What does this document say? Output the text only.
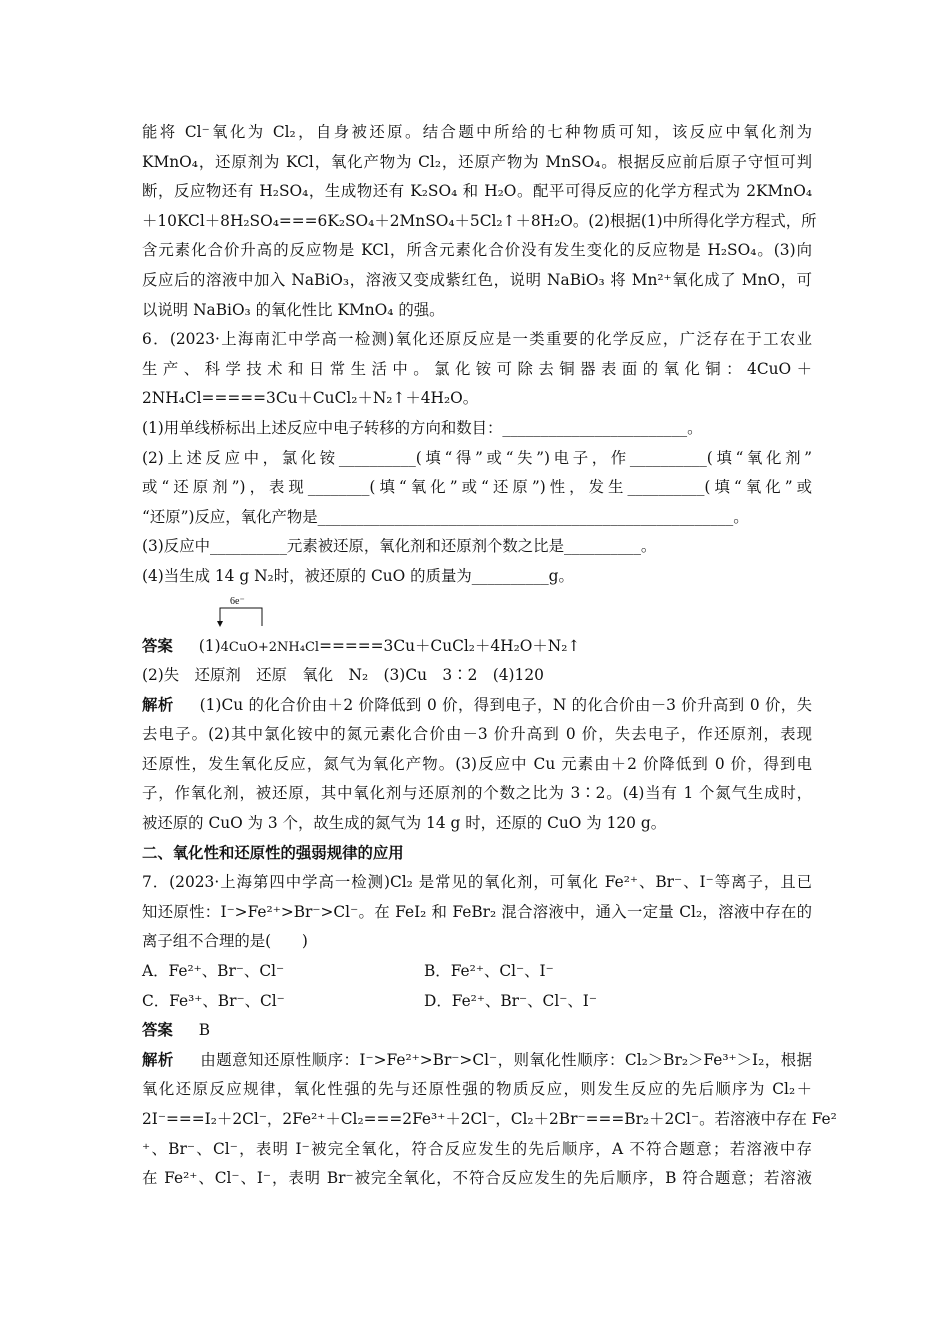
能将 Cl⁻氧化为 Cl₂，自身被还原。结合题中所给的七种物质可知，该反应中氧化剂为
KMnO₄，还原剂为 KCl，氧化产物为 Cl₂，还原产物为 MnSO₄。根据反应前后原子守恒可判
断，反应物还有 H₂SO₄，生成物还有 K₂SO₄ 和 H₂O。配平可得反应的化学方程式为 2KMnO₄
＋10KCl＋8H₂SO₄===6K₂SO₄＋2MnSO₄＋5Cl₂↑＋8H₂O。(2)根据(1)中所得化学方程式，所
含元素化合价升高的反应物是 KCl，所含元素化合价没有发生变化的反应物是 H₂SO₄。(3)向
反应后的溶液中加入 NaBiO₃，溶液又变成紫红色，说明 NaBiO₃ 将 Mn²⁺氧化成了 MnO，可
以说明 NaBiO₃ 的氧化性比 KMnO₄ 的强。
6．(2023·上海南汇中学高一检测)氧化还原反应是一类重要的化学反应，广泛存在于工农业
生产、科学技术和日常生活中。氯化铵可除去铜器表面的氧化铜：4CuO＋
2NH₄Cl=====3Cu＋CuCl₂＋N₂↑＋4H₂O。
(1)用单线桥标出上述反应中电子转移的方向和数目：________________________。
(2)上述反应中，氯化铵__________(填“得”或“失”)电子，作__________(填“氧化剂”
或“还原剂”)，表现________(填“氧化”或“还原”)性，发生__________(填“氧化”或
“还原”)反应，氧化产物是______________________________________________________。
(3)反应中__________元素被还原，氧化剂和还原剂个数之比是__________。
(4)当生成 14 g N₂时，被还原的 CuO 的质量为__________g。
6e⁻
答案 (1)4CuO+2NH₄Cl=====3Cu＋CuCl₂＋4H₂O＋N₂↑
(2)失　还原剂　还原　氧化　N₂　(3)Cu　3∶2　(4)120
解析 (1)Cu 的化合价由＋2 价降低到 0 价，得到电子，N 的化合价由－3 价升高到 0 价，失
去电子。(2)其中氯化铵中的氮元素化合价由－3 价升高到 0 价，失去电子，作还原剂，表现
还原性，发生氧化反应，氮气为氧化产物。(3)反应中 Cu 元素由＋2 价降低到 0 价，得到电
子，作氧化剂，被还原，其中氧化剂与还原剂的个数之比为 3∶2。(4)当有 1 个氮气生成时，
被还原的 CuO 为 3 个，故生成的氮气为 14 g 时，还原的 CuO 为 120 g。
二、氧化性和还原性的强弱规律的应用
7．(2023·上海第四中学高一检测)Cl₂ 是常见的氧化剂，可氧化 Fe²⁺、Br⁻、I⁻等离子，且已
知还原性：I⁻>Fe²⁺>Br⁻>Cl⁻。在 FeI₂ 和 FeBr₂ 混合溶液中，通入一定量 Cl₂，溶液中存在的
离子组不合理的是(　　)
A．Fe²⁺、Br⁻、Cl⁻	B．Fe²⁺、Cl⁻、I⁻
C．Fe³⁺、Br⁻、Cl⁻	D．Fe²⁺、Br⁻、Cl⁻、I⁻
答案 B
解析 由题意知还原性顺序：I⁻>Fe²⁺>Br⁻>Cl⁻，则氧化性顺序：Cl₂＞Br₂＞Fe³⁺＞I₂，根据
氧化还原反应规律，氧化性强的先与还原性强的物质反应，则发生反应的先后顺序为 Cl₂＋
2I⁻===I₂＋2Cl⁻，2Fe²⁺＋Cl₂===2Fe³⁺＋2Cl⁻，Cl₂＋2Br⁻===Br₂＋2Cl⁻。若溶液中存在 Fe²
⁺、Br⁻、Cl⁻，表明 I⁻被完全氧化，符合反应发生的先后顺序，A 不符合题意；若溶液中存
在 Fe²⁺、Cl⁻、I⁻，表明 Br⁻被完全氧化，不符合反应发生的先后顺序，B 符合题意；若溶液
